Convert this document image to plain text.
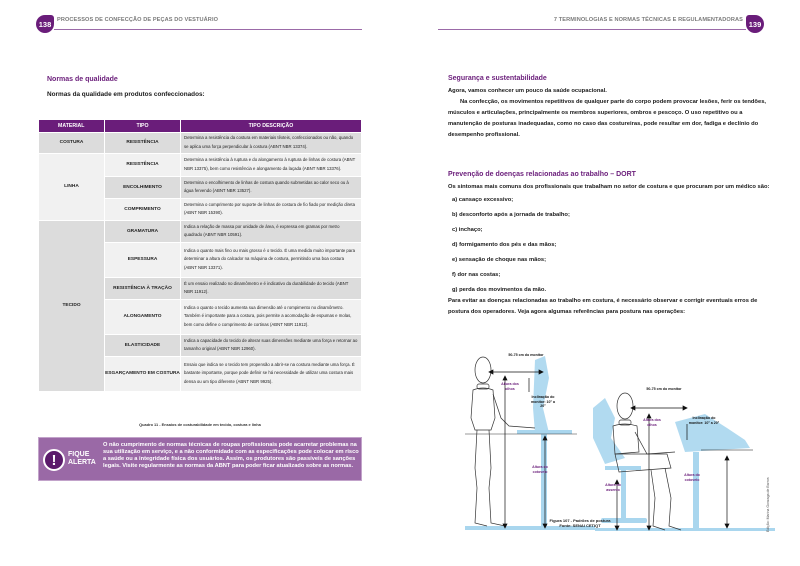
138	PROCESSOS DE CONFECÇÃO DE PEÇAS DO VESTUÁRIO
Normas de qualidade
Normas da qualidade em produtos confeccionados:
MATERIAL	TIPO	TIPO DESCRIÇÃO
COSTURA	RESISTÊNCIA	Determina a resistência da costura em materiais têxteis, confeccionados ou não, quando se aplica uma força perpendicular à costura (ABNT NBR 13374).
LINHA	RESISTÊNCIA	Determina a resistência à ruptura e do alongamento à ruptura de linhas de costura (ABNT NBR 13375), bem como resistência e alongamento da laçada (ABNT NBR 13376).
	ENCOLHIMENTO	Determina o encolhimento de linhas de costura quando submetidas ao calor seco ou à água fervendo (ABNT NBR 13527).
	COMPRIMENTO	Determina o comprimento por suporte de linhas de costura de fio fiado por medição direta (ABNT NBR 15390).
TECIDO	GRAMATURA	Indica a relação de massa por unidade de área, é expressa em gramas por metro quadrado (ABNT NBR 10591).
	ESPESSURA	Indica o quanto mais fino ou mais grosso é o tecido. É uma medida muito importante para determinar a altura do calcador na máquina de costura, permitindo uma boa costura (ABNT NBR 13371).
	RESISTÊNCIA À TRAÇÃO	É um ensaio realizado no dinamômetro e é indicativo da durabilidade do tecido (ABNT NBR 11912).
	ALONGAMENTO	Indica o quanto o tecido aumenta sua dimensão até o rompimento no dinamômetro. Também é importante para a costura, pois permite a acomodação de espumas e molas, bem como define o comprimento de cortinas (ABNT NBR 11912).
	ELASTICIDADE	Indica a capacidade do tecido de alterar suas dimensões mediante uma força e retornar ao tamanho original (ABNT NBR 12960).
	ESGARÇAMENTO EM COSTURA	Ensaio que indica se o tecido tem propensão a abrir-se na costura mediante uma força. É bastante importante, porque pode definir se há necessidade de utilizar uma costura mais densa ou um tipo diferente (ABNT NBR 9925).
Quadro 11 - Ensaios de costurabilidade em tecido, costura e linha
!	FIQUE
ALERTA
O não cumprimento de normas técnicas de roupas profissionais pode acarretar problemas na sua utilização em serviço, e a não conformidade com as especificações pode colocar em risco a saúde ou a integridade física dos usuários. Assim, os produtores são passíveis de sanções legais. Visite regularmente as normas da ABNT para poder ficar atualizado sobre as normas.
7 TERMINOLOGIAS E NORMAS TÉCNICAS E REGULAMENTADORAS 139
Segurança e sustentabilidade

Agora, vamos conhecer um pouco da saúde ocupacional.

Na confecção, os movimentos repetitivos de qualquer parte do corpo podem provocar lesões, ferir os tendões, músculos e articulações, principalmente os membros superiores, ombros e pescoço. O uso repetitivo ou a manutenção de posturas inadequadas, como no caso das costureiras, pode resultar em dor, fadiga e declínio do desempenho profissional.

Prevenção de doenças relacionadas ao trabalho – DORT

Os sintomas mais comuns dos profissionais que trabalham no setor de costura e que procuram por um médico são:

a) cansaço excessivo;

b) desconforto após a jornada de trabalho;

c) inchaço;

d) formigamento dos pés e das mãos;

e) sensação de choque nas mãos;

f) dor nas costas;

g) perda dos movimentos da mão.

Para evitar as doenças relacionadas ao trabalho em costura, é necessário observar e corrigir eventuais erros de postura dos operadores. Veja agora algumas referências para postura nas operações:

50-75 cm do monitor
Altura dos olhos
Inclinação do monitor: 10° a 20°
Altura do cotovelo
50-75 cm do monitor
Altura dos olhos
Inclinação do monitor: 10° a 20°
Altura do assento
Altura do cotovelo	Edição: Marina Gonzaga de Barros
Figura 107 - Padrões de postura
Fonte: SENAI CETIQT
